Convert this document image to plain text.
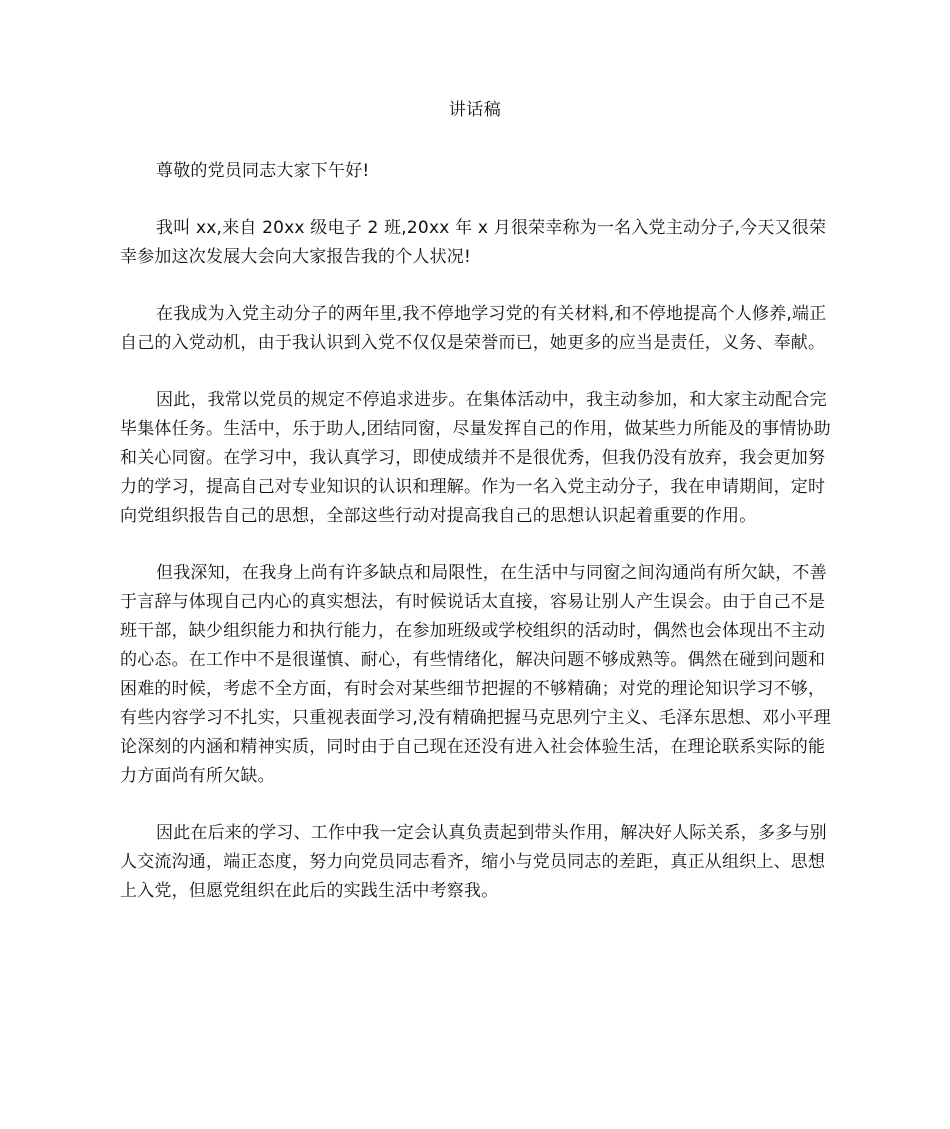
讲话稿

尊敬的党员同志大家下午好!

我叫 xx,来自 20xx 级电子 2 班,20xx 年 x 月很荣幸称为一名入党主动分子,今天又很荣幸参加这次发展大会向大家报告我的个人状况!

在我成为入党主动分子的两年里,我不停地学习党的有关材料,和不停地提高个人修养,端正自己的入党动机，由于我认识到入党不仅仅是荣誉而已，她更多的应当是责任，义务、奉献。

因此，我常以党员的规定不停追求进步。在集体活动中，我主动参加，和大家主动配合完毕集体任务。生活中，乐于助人,团结同窗，尽量发挥自己的作用，做某些力所能及的事情协助和关心同窗。在学习中，我认真学习，即使成绩并不是很优秀，但我仍没有放弃，我会更加努力的学习，提高自己对专业知识的认识和理解。作为一名入党主动分子，我在申请期间，定时向党组织报告自己的思想，全部这些行动对提高我自己的思想认识起着重要的作用。

但我深知，在我身上尚有许多缺点和局限性，在生活中与同窗之间沟通尚有所欠缺，不善于言辞与体现自己内心的真实想法，有时候说话太直接，容易让别人产生误会。由于自己不是班干部，缺少组织能力和执行能力，在参加班级或学校组织的活动时，偶然也会体现出不主动的心态。在工作中不是很谨慎、耐心，有些情绪化，解决问题不够成熟等。偶然在碰到问题和困难的时候，考虑不全方面，有时会对某些细节把握的不够精确；对党的理论知识学习不够，有些内容学习不扎实，只重视表面学习,没有精确把握马克思列宁主义、毛泽东思想、邓小平理论深刻的内涵和精神实质，同时由于自己现在还没有进入社会体验生活，在理论联系实际的能力方面尚有所欠缺。

因此在后来的学习、工作中我一定会认真负责起到带头作用，解决好人际关系，多多与别人交流沟通，端正态度，努力向党员同志看齐，缩小与党员同志的差距，真正从组织上、思想上入党，但愿党组织在此后的实践生活中考察我。
